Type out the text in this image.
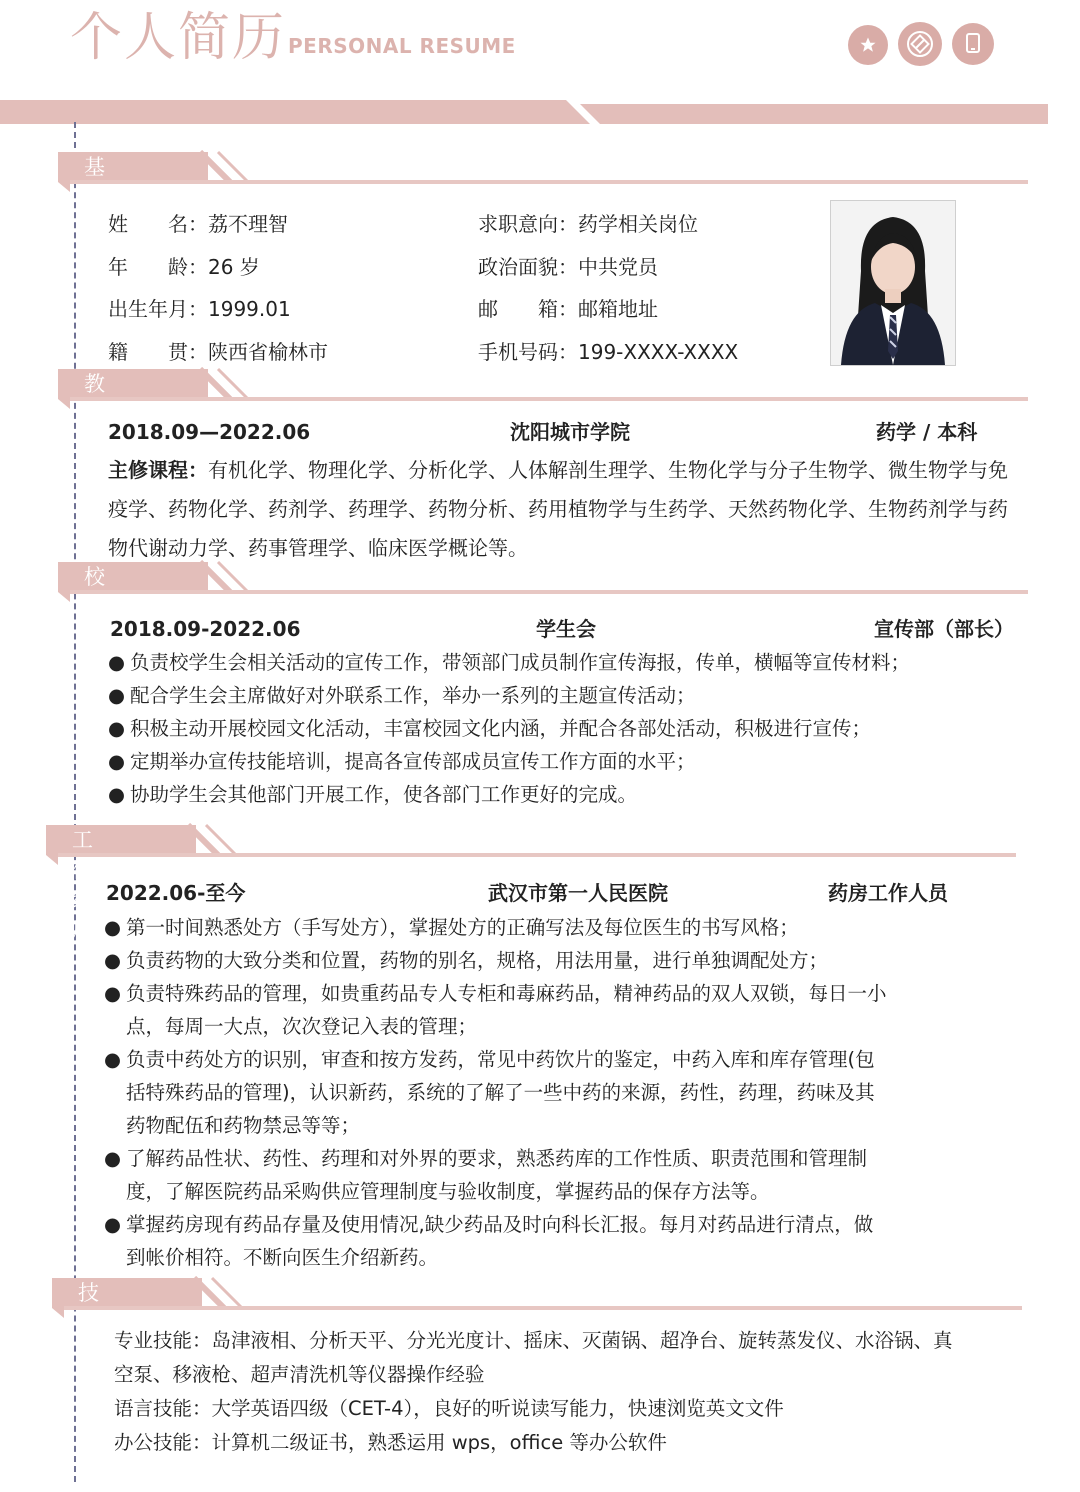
个人简历 PERSONAL RESUME
基本信息
姓　　名：荔不理智
年　　龄：26 岁
出生年月：1999.01
籍　　贯：陕西省榆林市
求职意向：药学相关岗位
政治面貌：中共党员
邮　　箱：邮箱地址
手机号码：199-XXXX-XXXX
教育背景
2018.09—2022.06	沈阳城市学院	药学 / 本科
主修课程：有机化学、物理化学、分析化学、人体解剖生理学、生物化学与分子生物学、微生物学与免疫学、药物化学、药剂学、药理学、药物分析、药用植物学与生药学、天然药物化学、生物药剂学与药物代谢动力学、药事管理学、临床医学概论等。
校园经历
2018.09-2022.06	学生会	宣传部（部长）
● 负责校学生会相关活动的宣传工作，带领部门成员制作宣传海报，传单，横幅等宣传材料；
● 配合学生会主席做好对外联系工作，举办一系列的主题宣传活动；
● 积极主动开展校园文化活动，丰富校园文化内涵，并配合各部处活动，积极进行宣传；
● 定期举办宣传技能培训，提高各宣传部成员宣传工作方面的水平；
● 协助学生会其他部门开展工作，使各部门工作更好的完成。
工作经历
2022.06-至今	武汉市第一人民医院	药房工作人员
● 第一时间熟悉处方（手写处方），掌握处方的正确写法及每位医生的书写风格；
● 负责药物的大致分类和位置，药物的别名，规格，用法用量，进行单独调配处方；
● 负责特殊药品的管理，如贵重药品专人专柜和毒麻药品，精神药品的双人双锁，每日一小
点，每周一大点，次次登记入表的管理；
● 负责中药处方的识别，审查和按方发药，常见中药饮片的鉴定，中药入库和库存管理(包
括特殊药品的管理)，认识新药，系统的了解了一些中药的来源，药性，药理，药味及其
药物配伍和药物禁忌等等；
● 了解药品性状、药性、药理和对外界的要求，熟悉药库的工作性质、职责范围和管理制
度，了解医院药品采购供应管理制度与验收制度，掌握药品的保存方法等。
● 掌握药房现有药品存量及使用情况,缺少药品及时向科长汇报。每月对药品进行清点，做
到帐价相符。不断向医生介绍新药。
技能证书
专业技能：岛津液相、分析天平、分光光度计、摇床、灭菌锅、超净台、旋转蒸发仪、水浴锅、真
空泵、移液枪、超声清洗机等仪器操作经验
语言技能：大学英语四级（CET-4），良好的听说读写能力，快速浏览英文文件
办公技能：计算机二级证书，熟悉运用 wps，office 等办公软件
